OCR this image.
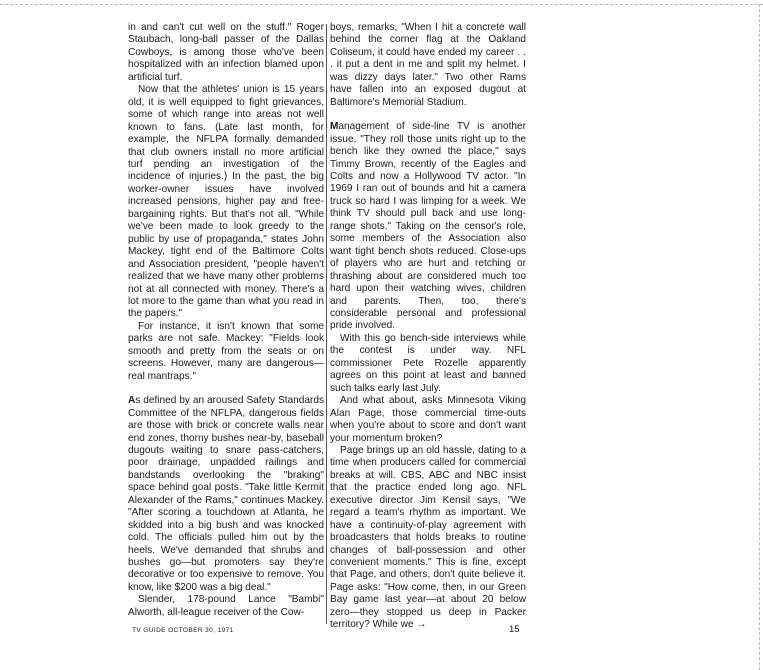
in and can't cut well on the stuff." Roger Staubach, long-ball passer of the Dallas Cowboys, is among those who've been hospitalized with an infection blamed upon artificial turf.

Now that the athletes' union is 15 years old, it is well equipped to fight grievances, some of which range into areas not well known to fans. (Late last month, for example, the NFLPA formally demanded that club owners install no more artificial turf pending an investigation of the incidence of injuries.) In the past, the big worker-owner issues have involved increased pensions, higher pay and free-bargaining rights. But that's not all. "While we've been made to look greedy to the public by use of propaganda," states John Mackey, tight end of the Baltimore Colts and Association president, "people haven't realized that we have many other problems not at all connected with money. There's a lot more to the game than what you read in the papers."

For instance, it isn't known that some parks are not safe. Mackey: "Fields look smooth and pretty from the seats or on screens. However, many are dangerous—real mantraps."

As defined by an aroused Safety Standards Committee of the NFLPA, dangerous fields are those with brick or concrete walls near end zones, thorny bushes near-by, baseball dugouts waiting to snare pass-catchers, poor drainage, unpadded railings and bandstands overlooking the "braking" space behind goal posts. "Take little Kermit Alexander of the Rams," continues Mackey. "After scoring a touchdown at Atlanta, he skidded into a big bush and was knocked cold. The officials pulled him out by the heels. We've demanded that shrubs and bushes go—but promoters say they're decorative or too expensive to remove. You know, like $200 was a big deal."

Slender, 178-pound Lance "Bambi" Alworth, all-league receiver of the Cow-

boys, remarks, "When I hit a concrete wall behind the corner flag at the Oakland Coliseum, it could have ended my career . . . it put a dent in me and split my helmet. I was dizzy days later." Two other Rams have fallen into an exposed dugout at Baltimore's Memorial Stadium.

Management of side-line TV is another issue. "They roll those units right up to the bench like they owned the place," says Timmy Brown, recently of the Eagles and Colts and now a Hollywood TV actor. "In 1969 I ran out of bounds and hit a camera truck so hard I was limping for a week. We think TV should pull back and use long-range shots." Taking on the censor's role, some members of the Association also want tight bench shots reduced. Close-ups of players who are hurt and retching or thrashing about are considered much too hard upon their watching wives, children and parents. Then, too, there's considerable personal and professional pride involved.

With this go bench-side interviews while the contest is under way. NFL commissioner Pete Rozelle apparently agrees on this point at least and banned such talks early last July.

And what about, asks Minnesota Viking Alan Page, those commercial time-outs when you're about to score and don't want your momentum broken?

Page brings up an old hassle, dating to a time when producers called for commercial breaks at will. CBS, ABC and NBC insist that the practice ended long ago. NFL executive director Jim Kensil says, "We regard a team's rhythm as important. We have a continuity-of-play agreement with broadcasters that holds breaks to routine changes of ball-possession and other convenient moments." This is fine, except that Page, and others, don't quite believe it. Page asks: "How come, then, in our Green Bay game last year—at about 20 below zero—they stopped us deep in Packer territory? While we →

TV GUIDE OCTOBER 30, 1971	15
